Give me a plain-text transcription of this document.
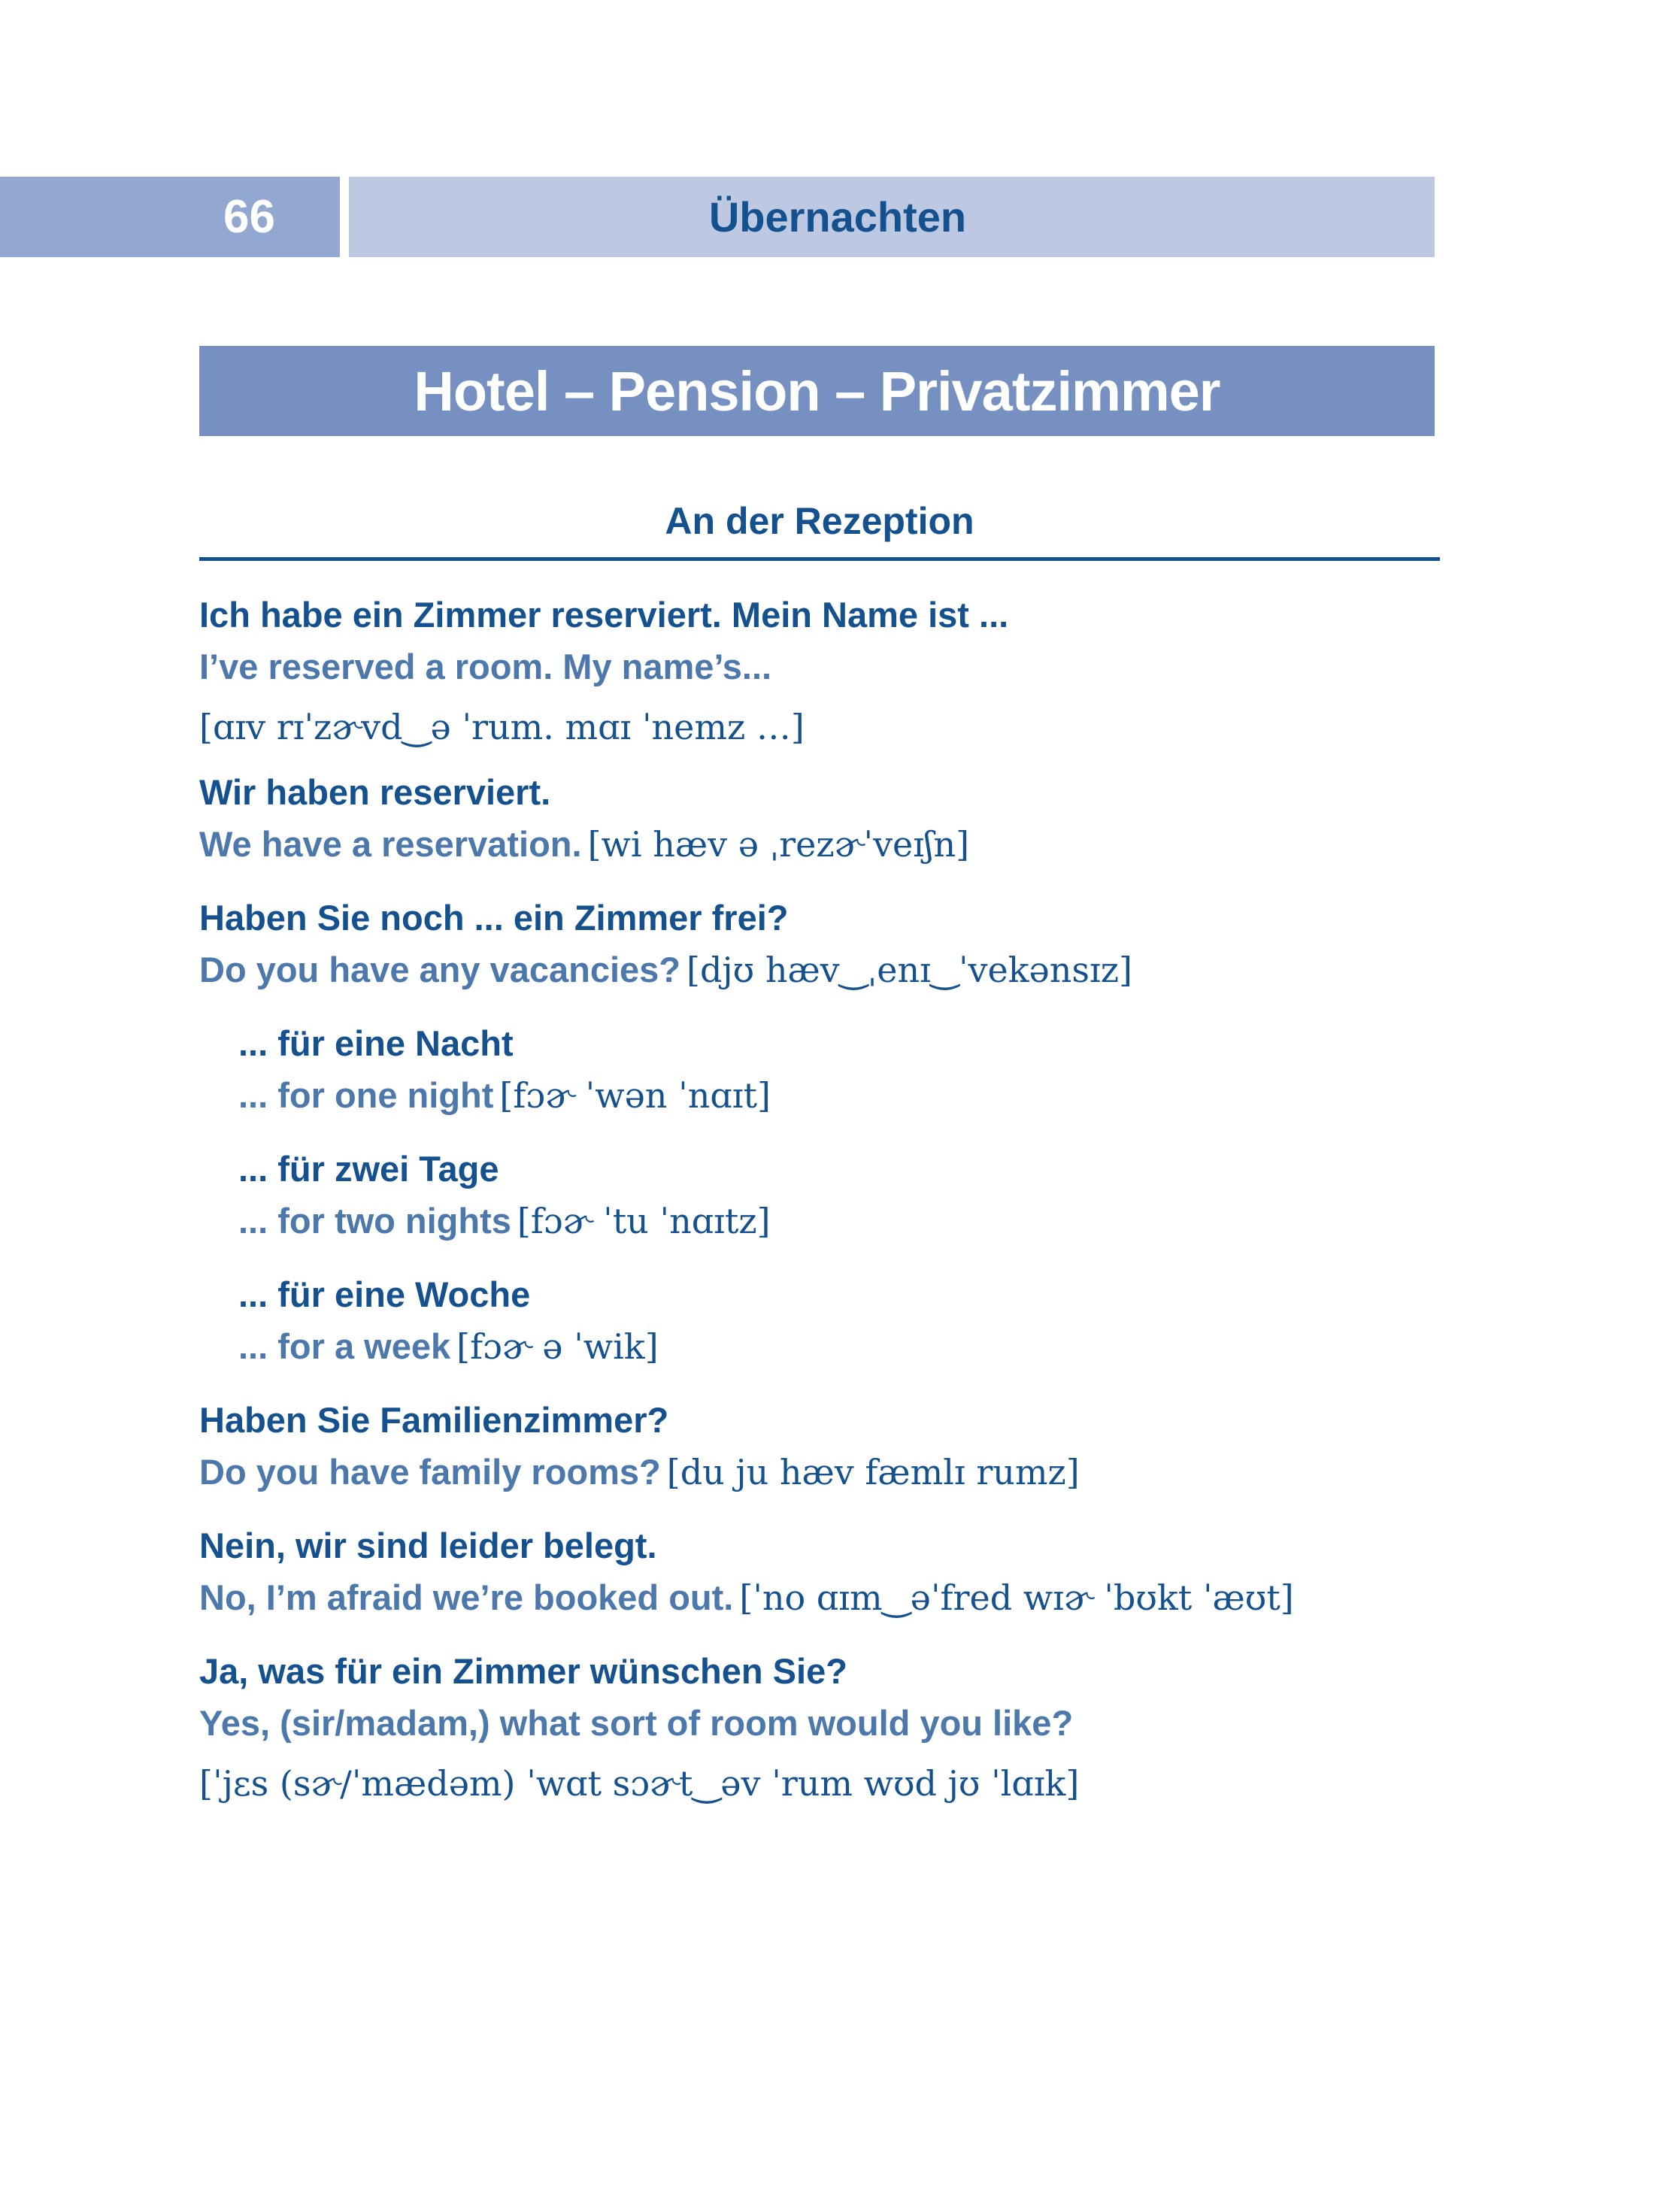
66	Übernachten
Hotel – Pension – Privatzimmer
An der Rezeption

Ich habe ein Zimmer reserviert. Mein Name ist ...

I’ve reserved a room. My name’s...
[ɑɪv rɪˈzɚvd‿ə ˈrum. mɑɪ ˈnemz …]

Wir haben reserviert.

We have a reservation. [wi hæv ə ˌrezɚˈveɪʃn]

Haben Sie noch ... ein Zimmer frei?

Do you have any vacancies? [djʊ hæv‿ˌenɪ‿ˈvekənsɪz]

... für eine Nacht

... for one night [fɔɚ ˈwən ˈnɑɪt]

... für zwei Tage

... for two nights [fɔɚ ˈtu ˈnɑɪtz]

... für eine Woche

... for a week [fɔɚ ə ˈwik]

Haben Sie Familienzimmer?

Do you have family rooms? [du ju hæv fæmlɪ rumz]

Nein, wir sind leider belegt.

No, I’m afraid we’re booked out. [ˈno ɑɪm‿əˈfred wɪɚ ˈbʊkt ˈæʊt]

Ja, was für ein Zimmer wünschen Sie?

Yes, (sir/madam,) what sort of room would you like?
[ˈjɛs (sɚ/ˈmædəm) ˈwɑt sɔɚt‿əv ˈrum wʊd jʊ ˈlɑɪk]
